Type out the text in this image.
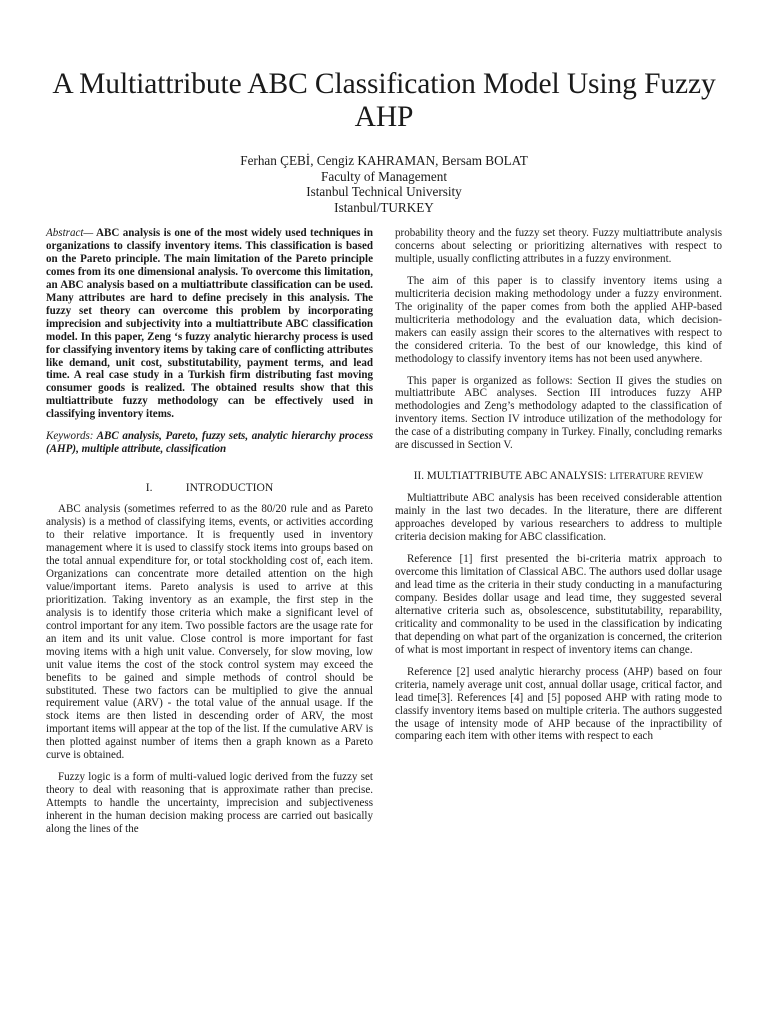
A Multiattribute ABC Classification Model Using Fuzzy AHP
Ferhan ÇEBİ, Cengiz KAHRAMAN, Bersam BOLAT
Faculty of Management
Istanbul Technical University
Istanbul/TURKEY

Abstract— ABC analysis is one of the most widely used techniques in organizations to classify inventory items. This classification is based on the Pareto principle. The main limitation of the Pareto principle comes from its one dimensional analysis. To overcome this limitation, an ABC analysis based on a multiattribute classification can be used. Many attributes are hard to define precisely in this analysis. The fuzzy set theory can overcome this problem by incorporating imprecision and subjectivity into a multiattribute ABC classification model. In this paper, Zeng ‘s fuzzy analytic hierarchy process is used for classifying inventory items by taking care of conflicting attributes like demand, unit cost, substitutability, payment terms, and lead time. A real case study in a Turkish firm distributing fast moving consumer goods is realized. The obtained results show that this multiattribute fuzzy methodology can be effectively used in classifying inventory items.

Keywords: ABC analysis, Pareto, fuzzy sets, analytic hierarchy process (AHP), multiple attribute, classification

I.	INTRODUCTION

ABC analysis (sometimes referred to as the 80/20 rule and as Pareto analysis) is a method of classifying items, events, or activities according to their relative importance. It is frequently used in inventory management where it is used to classify stock items into groups based on the total annual expenditure for, or total stockholding cost of, each item. Organizations can concentrate more detailed attention on the high value/important items. Pareto analysis is used to arrive at this prioritization. Taking inventory as an example, the first step in the analysis is to identify those criteria which make a significant level of control important for any item. Two possible factors are the usage rate for an item and its unit value. Close control is more important for fast moving items with a high unit value. Conversely, for slow moving, low unit value items the cost of the stock control system may exceed the benefits to be gained and simple methods of control should be substituted. These two factors can be multiplied to give the annual requirement value (ARV) - the total value of the annual usage. If the stock items are then listed in descending order of ARV, the most important items will appear at the top of the list. If the cumulative ARV is then plotted against number of items then a graph known as a Pareto curve is obtained.

Fuzzy logic is a form of multi-valued logic derived from the fuzzy set theory to deal with reasoning that is approximate rather than precise. Attempts to handle the uncertainty, imprecision and subjectiveness inherent in the human decision making process are carried out basically along the lines of the

probability theory and the fuzzy set theory. Fuzzy multiattribute analysis concerns about selecting or prioritizing alternatives with respect to multiple, usually conflicting attributes in a fuzzy environment.

The aim of this paper is to classify inventory items using a multicriteria decision making methodology under a fuzzy environment. The originality of the paper comes from both the applied AHP-based multicriteria methodology and the evaluation data, which decision-makers can easily assign their scores to the alternatives with respect to the considered criteria. To the best of our knowledge, this kind of methodology to classify inventory items has not been used anywhere.

This paper is organized as follows: Section II gives the studies on multiattribute ABC analyses. Section III introduces fuzzy AHP methodologies and Zeng’s methodology adapted to the classification of inventory items. Section IV introduce utilization of the methodology for the case of a distributing company in Turkey. Finally, concluding remarks are discussed in Section V.

II. MULTIATTRIBUTE ABC ANALYSIS: LITERATURE REVIEW

Multiattribute ABC analysis has been received considerable attention mainly in the last two decades. In the literature, there are different approaches developed by various researchers to address to multiple criteria decision making for ABC classification.

Reference [1] first presented the bi-criteria matrix approach to overcome this limitation of Classical ABC. The authors used dollar usage and lead time as the criteria in their study conducting in a manufacturing company. Besides dollar usage and lead time, they suggested several alternative criteria such as, obsolescence, substitutability, reparability, criticality and commonality to be used in the classification by indicating that depending on what part of the organization is concerned, the criterion of what is most important in respect of inventory items can change.

Reference [2] used analytic hierarchy process (AHP) based on four criteria, namely average unit cost, annual dollar usage, critical factor, and lead time[3]. References [4] and [5] poposed AHP with rating mode to classify inventory items based on multiple criteria. The authors suggested the usage of intensity mode of AHP because of the inpractibility of comparing each item with other items with respect to each
